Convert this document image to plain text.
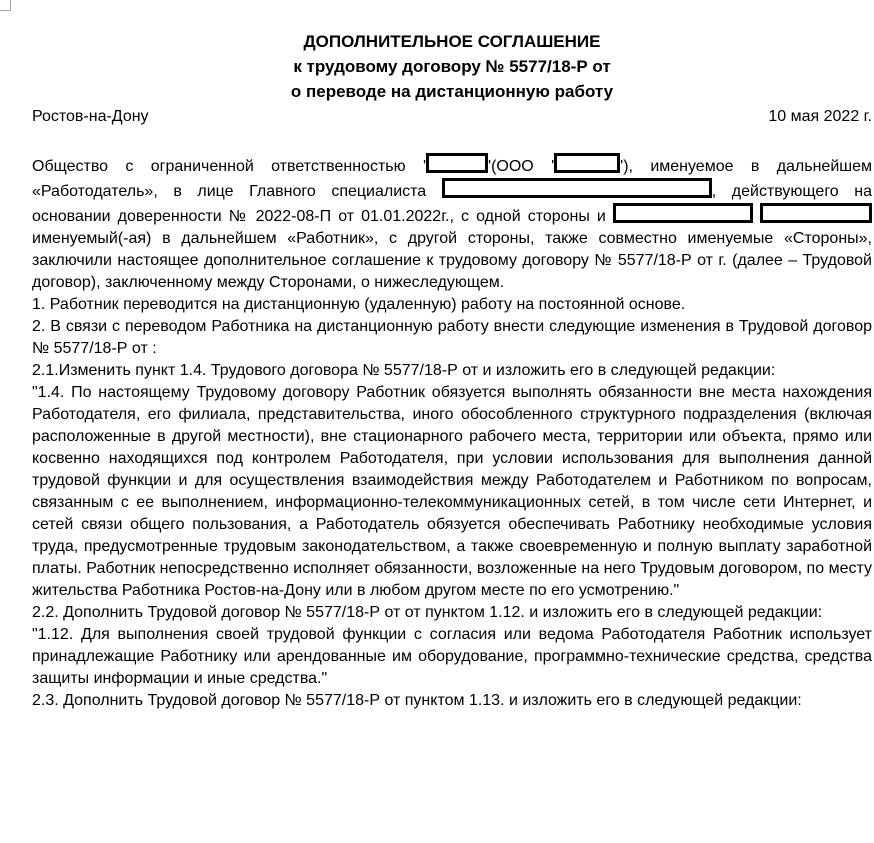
ДОПОЛНИТЕЛЬНОЕ СОГЛАШЕНИЕ
к трудовому договору № 5577/18-Р от
о переводе на дистанционную работу
Ростов-на-Дону	10 мая 2022 г.

Общество с ограниченной ответственностью '	'(ООО '	'), именуемое в дальнейшем «Работодатель», в лице Главного специалиста	, действующего на основании доверенности № 2022-08-П от 01.01.2022г., с одной стороны и   именуемый(-ая) в дальнейшем «Работник», с другой стороны, также совместно именуемые «Стороны», заключили настоящее дополнительное соглашение к трудовому договору № 5577/18-Р от г. (далее – Трудовой договор), заключенному между Сторонами, о нижеследующем.

1. Работник переводится на дистанционную (удаленную) работу на постоянной основе.

2. В связи с переводом Работника на дистанционную работу внести следующие изменения в Трудовой договор № 5577/18-Р от :

2.1.Изменить пункт 1.4. Трудового договора № 5577/18-Р от и изложить его в следующей редакции:

"1.4. По настоящему Трудовому договору Работник обязуется выполнять обязанности вне места нахождения Работодателя, его филиала, представительства, иного обособленного структурного подразделения (включая расположенные в другой местности), вне стационарного рабочего места, территории или объекта, прямо или косвенно находящихся под контролем Работодателя, при условии использования для выполнения данной трудовой функции и для осуществления взаимодействия между Работодателем и Работником по вопросам, связанным с ее выполнением, информационно-телекоммуникационных сетей, в том числе сети Интернет, и сетей связи общего пользования, а Работодатель обязуется обеспечивать Работнику необходимые условия труда, предусмотренные трудовым законодательством, а также своевременную и полную выплату заработной платы. Работник непосредственно исполняет обязанности, возложенные на него Трудовым договором, по месту жительства Работника Ростов-на-Дону или в любом другом месте по его усмотрению."

2.2. Дополнить Трудовой договор № 5577/18-Р от от пунктом 1.12. и изложить его в следующей редакции:

"1.12. Для выполнения своей трудовой функции с согласия или ведома Работодателя Работник использует принадлежащие Работнику или арендованные им оборудование, программно-технические средства, средства защиты информации и иные средства."

2.3. Дополнить Трудовой договор № 5577/18-Р от пунктом 1.13. и изложить его в следующей редакции:
